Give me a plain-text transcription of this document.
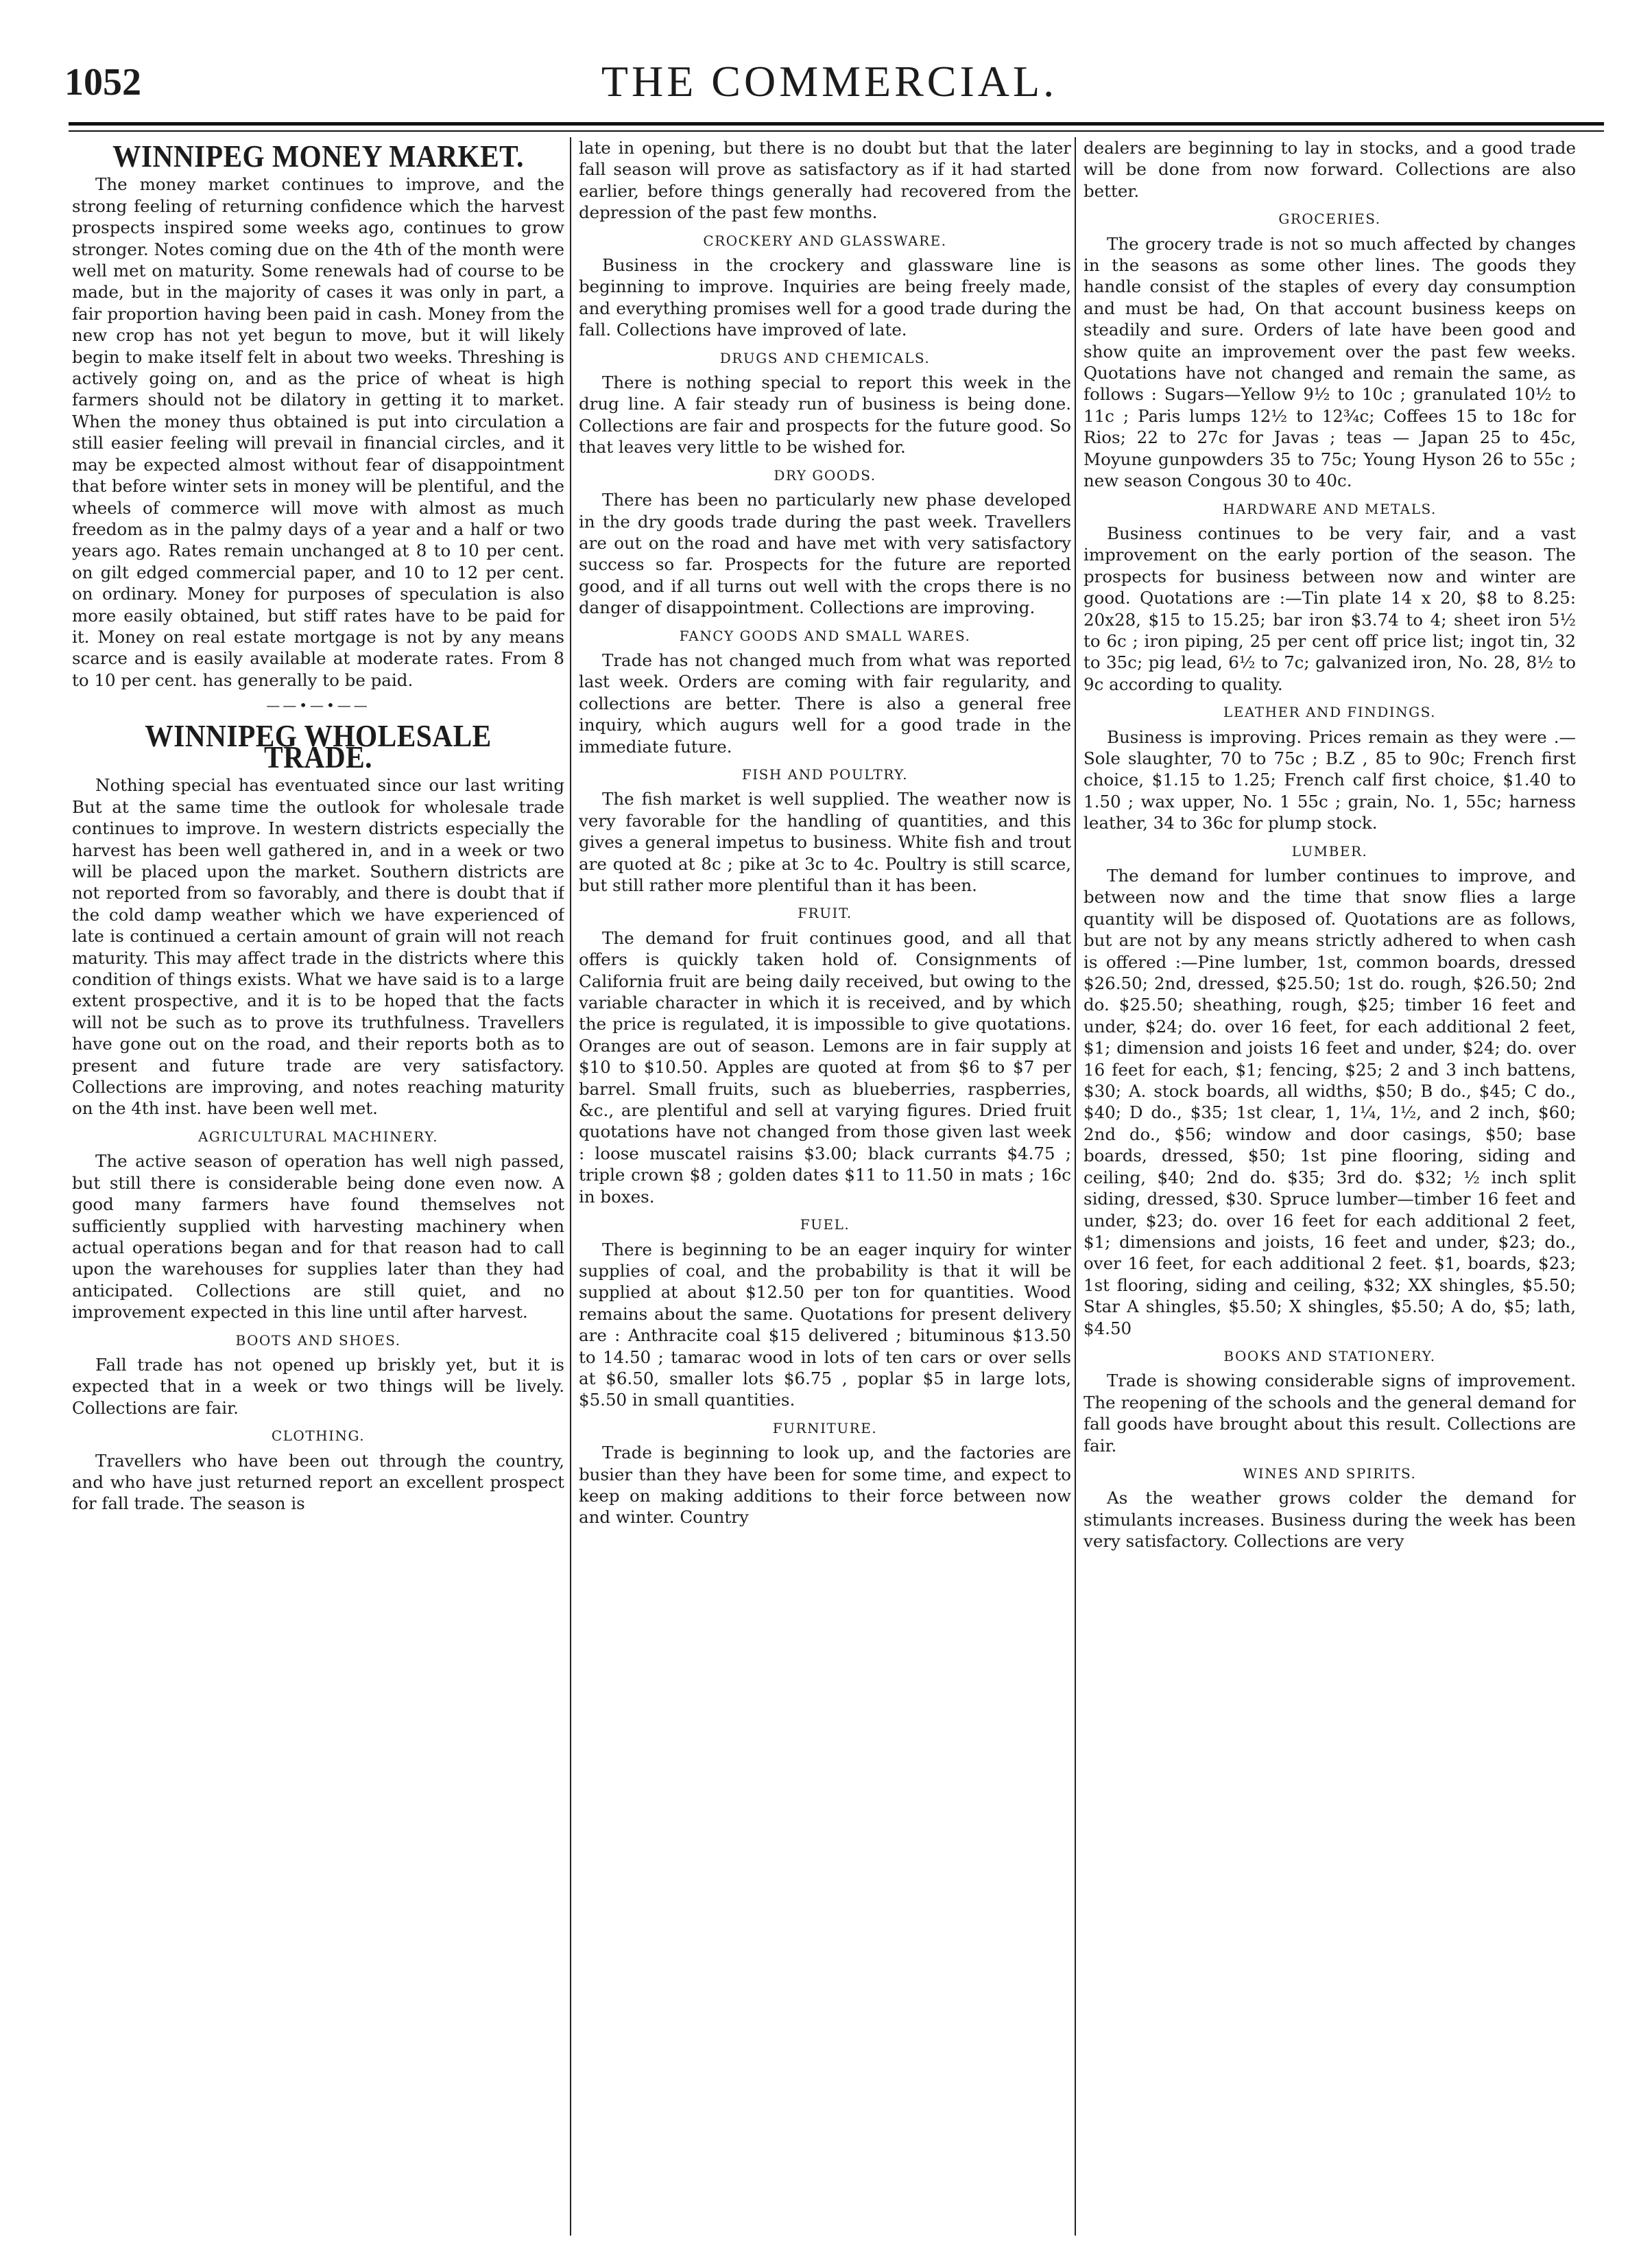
1052	THE COMMERCIAL.
WINNIPEG MONEY MARKET.

The money market continues to improve, and the strong feeling of returning confidence which the harvest prospects inspired some weeks ago, continues to grow stronger. Notes coming due on the 4th of the month were well met on maturity. Some renewals had of course to be made, but in the majority of cases it was only in part, a fair proportion having been paid in cash. Money from the new crop has not yet begun to move, but it will likely begin to make itself felt in about two weeks. Threshing is actively going on, and as the price of wheat is high farmers should not be dilatory in getting it to market. When the money thus obtained is put into circulation a still easier feeling will prevail in financial circles, and it may be expected almost without fear of disappointment that before winter sets in money will be plentiful, and the wheels of commerce will move with almost as much freedom as in the palmy days of a year and a half or two years ago. Rates remain unchanged at 8 to 10 per cent. on gilt edged commercial paper, and 10 to 12 per cent. on ordinary. Money for purposes of speculation is also more easily obtained, but stiff rates have to be paid for it. Money on real estate mortgage is not by any means scarce and is easily available at moderate rates. From 8 to 10 per cent. has generally to be paid.

——•—•——
WINNIPEG WHOLESALE TRADE.

Nothing special has eventuated since our last writing But at the same time the outlook for wholesale trade continues to improve. In western districts especially the harvest has been well gathered in, and in a week or two will be placed upon the market. Southern districts are not reported from so favorably, and there is doubt that if the cold damp weather which we have experienced of late is continued a certain amount of grain will not reach maturity. This may affect trade in the districts where this condition of things exists. What we have said is to a large extent prospective, and it is to be hoped that the facts will not be such as to prove its truthfulness. Travellers have gone out on the road, and their reports both as to present and future trade are very satisfactory. Collections are improving, and notes reaching maturity on the 4th inst. have been well met.

AGRICULTURAL MACHINERY.

The active season of operation has well nigh passed, but still there is considerable being done even now. A good many farmers have found themselves not sufficiently supplied with harvesting machinery when actual operations began and for that reason had to call upon the warehouses for supplies later than they had anticipated. Collections are still quiet, and no improvement expected in this line until after harvest.

BOOTS AND SHOES.

Fall trade has not opened up briskly yet, but it is expected that in a week or two things will be lively. Collections are fair.

CLOTHING.

Travellers who have been out through the country, and who have just returned report an excellent prospect for fall trade. The season is

late in opening, but there is no doubt but that the later fall season will prove as satisfactory as if it had started earlier, before things generally had recovered from the depression of the past few months.

CROCKERY AND GLASSWARE.

Business in the crockery and glassware line is beginning to improve. Inquiries are being freely made, and everything promises well for a good trade during the fall. Collections have improved of late.

DRUGS AND CHEMICALS.

There is nothing special to report this week in the drug line. A fair steady run of business is being done. Collections are fair and prospects for the future good. So that leaves very little to be wished for.

DRY GOODS.

There has been no particularly new phase developed in the dry goods trade during the past week. Travellers are out on the road and have met with very satisfactory success so far. Prospects for the future are reported good, and if all turns out well with the crops there is no danger of disappointment. Collections are improving.

FANCY GOODS AND SMALL WARES.

Trade has not changed much from what was reported last week. Orders are coming with fair regularity, and collections are better. There is also a general free inquiry, which augurs well for a good trade in the immediate future.

FISH AND POULTRY.

The fish market is well supplied. The weather now is very favorable for the handling of quantities, and this gives a general impetus to business. White fish and trout are quoted at 8c ; pike at 3c to 4c. Poultry is still scarce, but still rather more plentiful than it has been.

FRUIT.

The demand for fruit continues good, and all that offers is quickly taken hold of. Consignments of California fruit are being daily received, but owing to the variable character in which it is received, and by which the price is regulated, it is impossible to give quotations. Oranges are out of season. Lemons are in fair supply at $10 to $10.50. Apples are quoted at from $6 to $7 per barrel. Small fruits, such as blueberries, raspberries, &c., are plentiful and sell at varying figures. Dried fruit quotations have not changed from those given last week : loose muscatel raisins $3.00; black currants $4.75 ; triple crown $8 ; golden dates $11 to 11.50 in mats ; 16c in boxes.

FUEL.

There is beginning to be an eager inquiry for winter supplies of coal, and the probability is that it will be supplied at about $12.50 per ton for quantities. Wood remains about the same. Quotations for present delivery are : Anthracite coal $15 delivered ; bituminous $13.50 to 14.50 ; tamarac wood in lots of ten cars or over sells at $6.50, smaller lots $6.75 , poplar $5 in large lots, $5.50 in small quantities.

FURNITURE.

Trade is beginning to look up, and the factories are busier than they have been for some time, and expect to keep on making additions to their force between now and winter. Country

dealers are beginning to lay in stocks, and a good trade will be done from now forward. Collections are also better.

GROCERIES.

The grocery trade is not so much affected by changes in the seasons as some other lines. The goods they handle consist of the staples of every day consumption and must be had, On that account business keeps on steadily and sure. Orders of late have been good and show quite an improvement over the past few weeks. Quotations have not changed and remain the same, as follows : Sugars—Yellow 9½ to 10c ; granulated 10½ to 11c ; Paris lumps 12½ to 12¾c; Coffees 15 to 18c for Rios; 22 to 27c for Javas ; teas — Japan 25 to 45c, Moyune gunpowders 35 to 75c; Young Hyson 26 to 55c ; new season Congous 30 to 40c.

HARDWARE AND METALS.

Business continues to be very fair, and a vast improvement on the early portion of the season. The prospects for business between now and winter are good. Quotations are :—Tin plate 14 x 20, $8 to 8.25: 20x28, $15 to 15.25; bar iron $3.74 to 4; sheet iron 5½ to 6c ; iron piping, 25 per cent off price list; ingot tin, 32 to 35c; pig lead, 6½ to 7c; galvanized iron, No. 28, 8½ to 9c according to quality.

LEATHER AND FINDINGS.

Business is improving. Prices remain as they were .—Sole slaughter, 70 to 75c ; B.Z , 85 to 90c; French first choice, $1.15 to 1.25; French calf first choice, $1.40 to 1.50 ; wax upper, No. 1 55c ; grain, No. 1, 55c; harness leather, 34 to 36c for plump stock.

LUMBER.

The demand for lumber continues to improve, and between now and the time that snow flies a large quantity will be disposed of. Quotations are as follows, but are not by any means strictly adhered to when cash is offered :—Pine lumber, 1st, common boards, dressed $26.50; 2nd, dressed, $25.50; 1st do. rough, $26.50; 2nd do. $25.50; sheathing, rough, $25; timber 16 feet and under, $24; do. over 16 feet, for each additional 2 feet, $1; dimension and joists 16 feet and under, $24; do. over 16 feet for each, $1; fencing, $25; 2 and 3 inch battens, $30; A. stock boards, all widths, $50; B do., $45; C do., $40; D do., $35; 1st clear, 1, 1¼, 1½, and 2 inch, $60; 2nd do., $56; window and door casings, $50; base boards, dressed, $50; 1st pine flooring, siding and ceiling, $40; 2nd do. $35; 3rd do. $32; ½ inch split siding, dressed, $30. Spruce lumber—timber 16 feet and under, $23; do. over 16 feet for each additional 2 feet, $1; dimensions and joists, 16 feet and under, $23; do., over 16 feet, for each additional 2 feet. $1, boards, $23; 1st flooring, siding and ceiling, $32; XX shingles, $5.50; Star A shingles, $5.50; X shingles, $5.50; A do, $5; lath, $4.50

BOOKS AND STATIONERY.

Trade is showing considerable signs of improvement. The reopening of the schools and the general demand for fall goods have brought about this result. Collections are fair.

WINES AND SPIRITS.

As the weather grows colder the demand for stimulants increases. Business during the week has been very satisfactory. Collections are very
